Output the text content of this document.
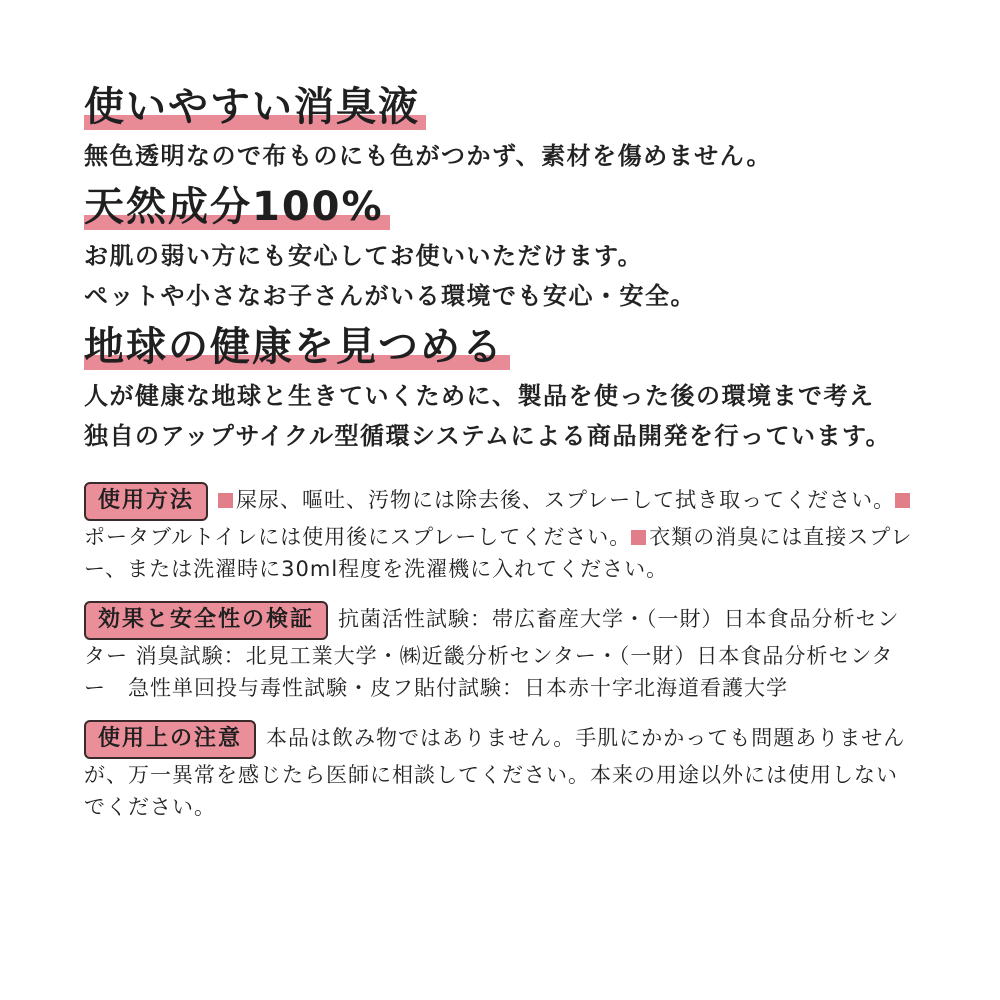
使いやすい消臭液

無色透明なので布ものにも色がつかず、素材を傷めません。

天然成分100%

お肌の弱い方にも安心してお使いいただけます。

ペットや小さなお子さんがいる環境でも安心・安全。

地球の健康を見つめる

人が健康な地球と生きていくために、製品を使った後の環境まで考え

独自のアップサイクル型循環システムによる商品開発を行っています。

使用方法 屎尿、嘔吐、汚物には除去後、スプレーして拭き取ってください。ポータブルトイレには使用後にスプレーしてください。 衣類の消臭には直接スプレー、または洗濯時に30ml程度を洗濯機に入れてください。

効果と安全性の検証 抗菌活性試験：帯広畜産大学・（一財）日本食品分析センター 消臭試験：北見工業大学・㈱近畿分析センター・（一財）日本食品分析センター　急性単回投与毒性試験・皮フ貼付試験：日本赤十字北海道看護大学

使用上の注意 本品は飲み物ではありません。手肌にかかっても問題ありませんが、万一異常を感じたら医師に相談してください。本来の用途以外には使用しないでください。
